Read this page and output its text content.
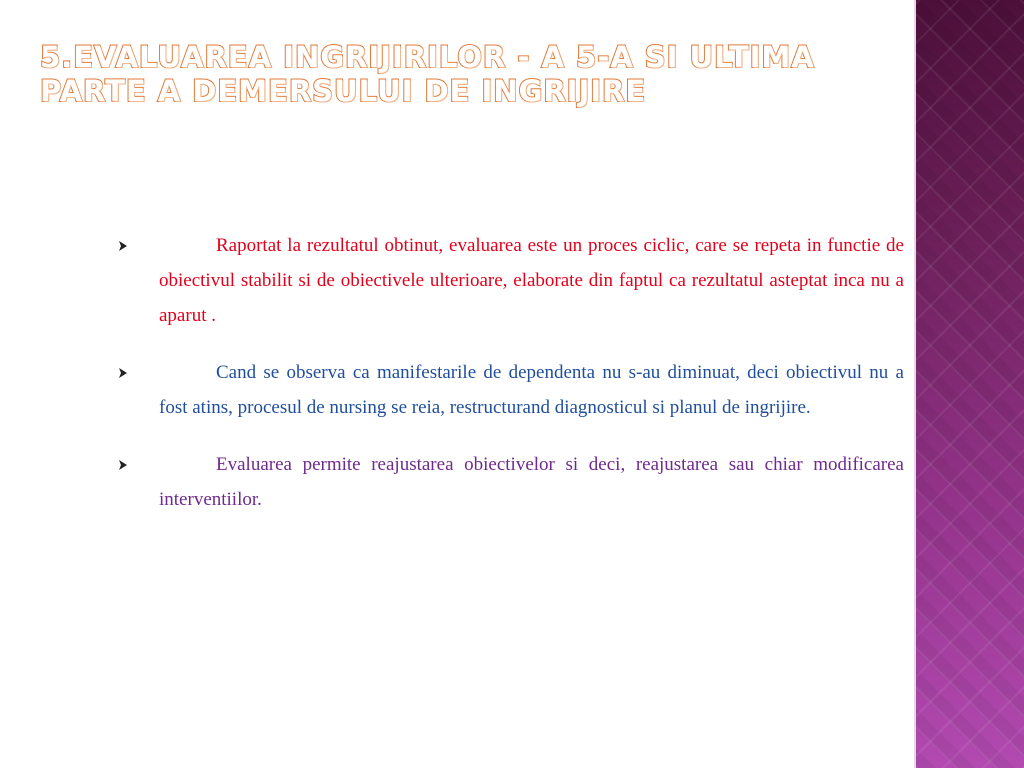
5.EVALUAREA INGRIJIRILOR - A 5-A SI ULTIMA PARTE A DEMERSULUI DE INGRIJIRE
Raportat la rezultatul obtinut, evaluarea este un proces ciclic, care se repeta in functie de obiectivul stabilit si de obiectivele ulterioare, elaborate din faptul ca rezultatul asteptat inca nu a aparut .
Cand se observa ca manifestarile de dependenta nu s-au diminuat, deci obiectivul nu a fost atins, procesul de nursing se reia, restructurand diagnosticul si planul de ingrijire.
Evaluarea permite reajustarea obiectivelor si deci, reajustarea sau chiar modificarea interventiilor.
